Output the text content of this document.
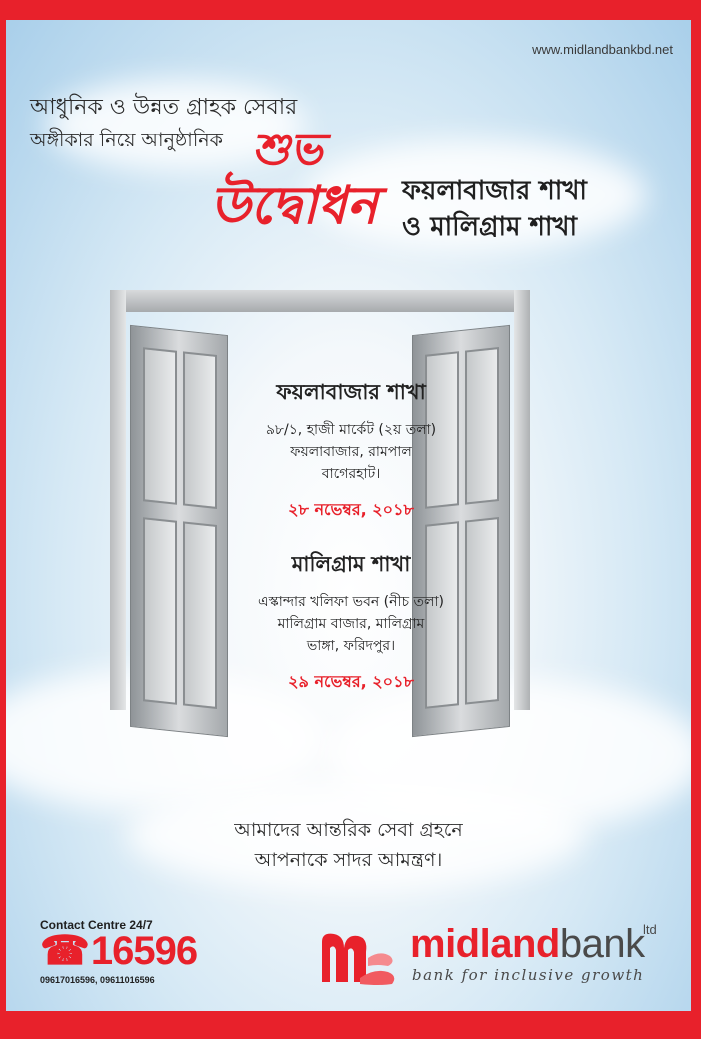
www.midlandbankbd.net
আধুনিক ও উন্নত গ্রাহক সেবার
অঙ্গীকার নিয়ে আনুষ্ঠানিক শুভ
উদ্বোধন ফয়লাবাজার শাখা
ও মালিগ্রাম শাখা
ফয়লাবাজার শাখা
৯৮/১, হাজী মার্কেট (২য় তলা)
ফয়লাবাজার, রামপাল
বাগেরহাট।
২৮ নভেম্বর, ২০১৮
মালিগ্রাম শাখা
এস্কান্দার খলিফা ভবন (নীচ তলা)
মালিগ্রাম বাজার, মালিগ্রাম
ভাঙ্গা, ফরিদপুর।
২৯ নভেম্বর, ২০১৮
আমাদের আন্তরিক সেবা গ্রহনে
আপনাকে সাদর আমন্ত্রণ।
Contact Centre 24/7
☎16596
09617016596, 09611016596
midlandbank
ltd
bank for inclusive growth
